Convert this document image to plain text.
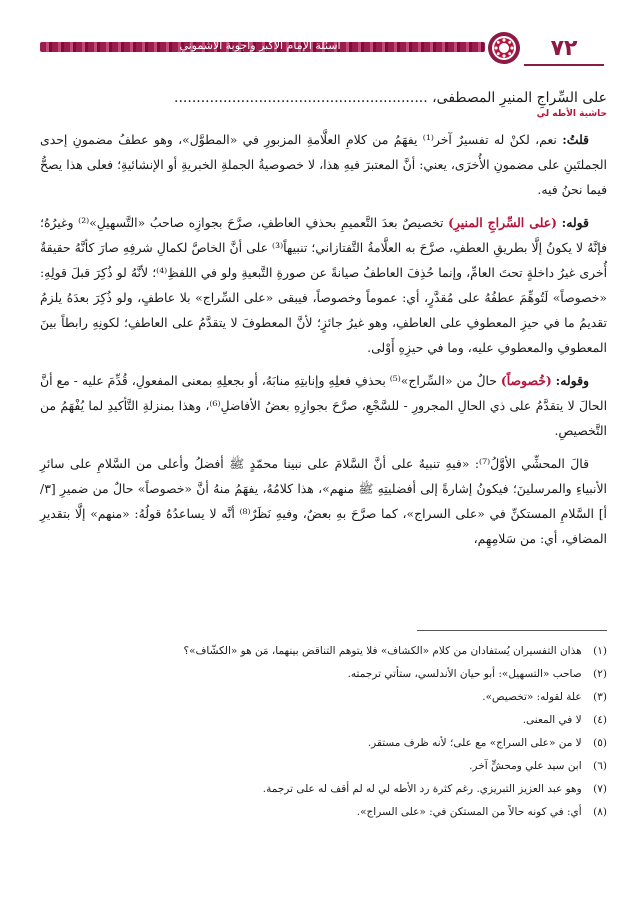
أسئلة الإمام الأكبر وأجوبة الأشموني	٧٢
على السِّراجِ المنيرِ المصطفى، .........................................................
حاشية الأطه لي

قلتُ: نعم، لكنْ له تفسيرٌ آخر⁽¹⁾ يفهَمُ من كلامِ العلَّامةِ المزبورِ في «المطوَّل»، وهو عطفُ مضمونِ إحدى الجملتَينِ على مضمونِ الأُخرَى، يعني: أنَّ المعتبرَ فيهِ هذا، لا خصوصيةُ الجملةِ الخبريةِ أو الإنشائيةِ؛ فعلى هذا يصحُّ فيما نحنُ فيه.

قوله: (على السِّراجِ المنيرِ) تخصيصٌ بعدَ التَّعميمِ بحذفِ العاطفِ، صرَّحَ بجوازِه صاحبُ «التَّسهيلِ»⁽²⁾ وغيرُهُ؛ فإنَّهُ لا يكونُ إلَّا بطريقِ العطفِ، صرَّحَ به العلَّامةُ التَّفتازاني؛ تنبيهاً⁽³⁾ على أنَّ الخاصَّ لكمالِ شرفِهِ صارَ كأنَّهُ حقيقةٌ أُخرى غيرُ داخلةٍ تحتَ العامِّ، وإنما حُذِفَ العاطفُ صيانةً عن صورةِ التَّبعيةِ ولو في اللفظِ⁽⁴⁾؛ لأنَّهُ لو ذُكِرَ قبلَ قولِهِ: «خصوصاً» لَتُوهِّمَ عطفُهُ على مُقدَّرٍ، أي: عموماً وخصوصاً، فيبقى «على السِّراج» بلا عاطفٍ، ولو ذُكِرَ بعدَهُ يلزمُ تقديمُ ما في حيزِ المعطوفِ على العاطفِ، وهو غيرُ جائزٍ؛ لأنَّ المعطوفَ لا يتقدَّمُ على العاطفِ؛ لكونِهِ رابطاً بينَ المعطوفِ والمعطوفِ عليه، وما في حيزِهِ أَوْلى.

وقوله: (خُصوصاً) حالٌ من «السِّراج»⁽⁵⁾ بحذفِ فعلِهِ وإنابتِهِ منابَهُ، أو بجعلِهِ بمعنى المفعولِ، قُدِّمَ عليه - مع أنَّ الحالَ لا يتقدَّمُ على ذي الحالِ المجرورِ - للسَّجْعِ، صرَّحَ بجوازِهِ بعضُ الأفاضلِ⁽⁶⁾، وهذا بمنزلةِ التَّأكيدِ لما يُفْهَمُ من التَّخصيصِ.

قالَ المحشِّي الأوَّلُ⁽⁷⁾: «فيهِ تنبيهٌ على أنَّ السَّلامَ على نبينا محمّدٍ ﷺ أفضلُ وأعلى من السَّلامِ على سائرِ الأنبياءِ والمرسلينَ؛ فيكونُ إشارةً إلى أفضليتِهِ ﷺ منهم»، هذا كلامُهُ، يفهَمُ منهُ أنَّ «خصوصاً» حالٌ من ضميرِ [٣/أ] السَّلامِ المستكنِّ في «على السراج»، كما صرَّحَ بهِ بعضٌ، وفيهِ نَظَرٌ⁽⁸⁾ أنَّه لا يساعدُهُ قولُهُ: «منهم» إلَّا بتقديرِ المضافِ، أي: من سَلامِهِم،

(١) هذان التفسيران يُستفادان من كلام «الكشاف» فلا يتوهم التناقض بينهما، مَن هو «الكشّاف»؟
(٢) صاحب «التسهيل»: أبو حيان الأندلسي، ستأتي ترجمته.
(٣) علة لقوله: «تخصيص».
(٤) لا في المعنى.
(٥) لا من «على السراج» مع على؛ لأنه ظرف مستقر.
(٦) ابن سيد علي ومحشٍّ آخر.
(٧) وهو عبد العزيز التبريزي. رغم كثرة رد الأطه لي له لم أقف له على ترجمة.
(٨) أي: في كونه حالاً من المستكن في: «على السراج».
